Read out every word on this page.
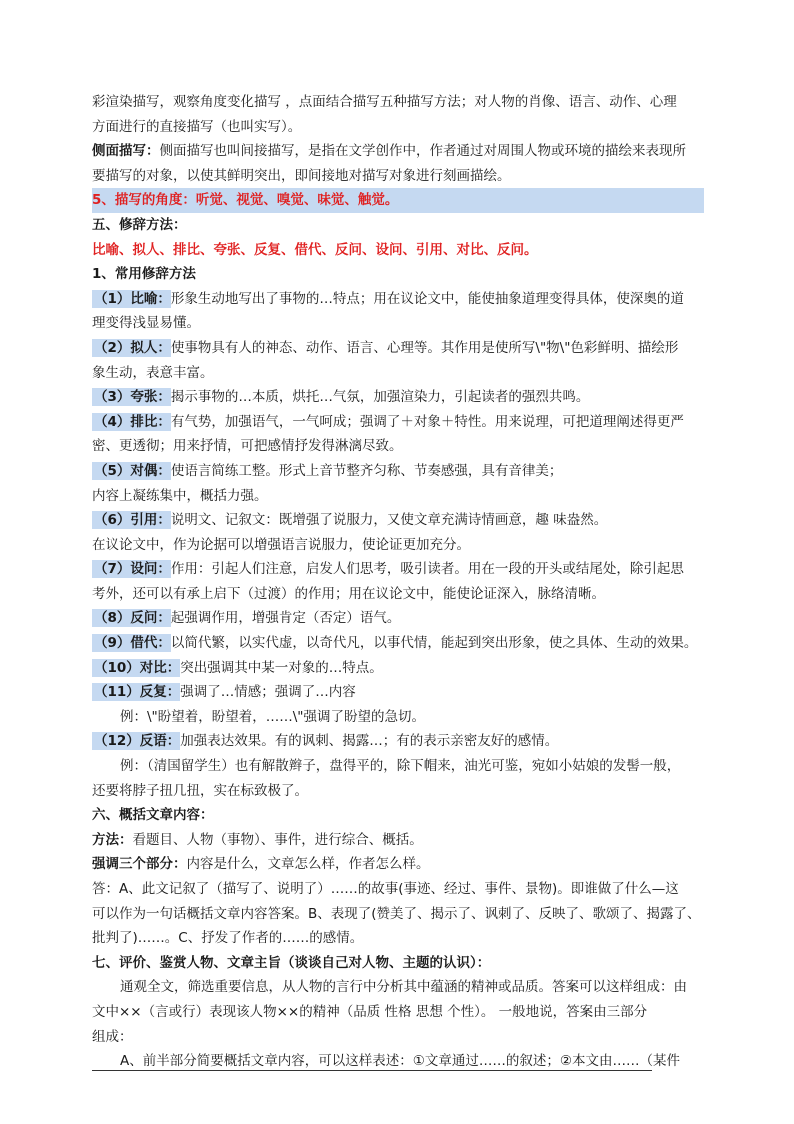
彩渲染描写，观察角度变化描写 ，点面结合描写五种描写方法；对人物的肖像、语言、动作、心理
方面进行的直接描写（也叫实写）。
侧面描写：侧面描写也叫间接描写，是指在文学创作中，作者通过对周围人物或环境的描绘来表现所
要描写的对象，以使其鲜明突出，即间接地对描写对象进行刻画描绘。
5、描写的角度：听觉、视觉、嗅觉、味觉、触觉。
五、修辞方法：
比喻、拟人、排比、夸张、反复、借代、反问、设问、引用、对比、反问。
1、常用修辞方法
（1）比喻：形象生动地写出了事物的…特点；用在议论文中，能使抽象道理变得具体，使深奥的道
理变得浅显易懂。
（2）拟人：使事物具有人的神态、动作、语言、心理等。其作用是使所写\"物\"色彩鲜明、描绘形
象生动，表意丰富。
（3）夸张：揭示事物的…本质，烘托…气氛，加强渲染力，引起读者的强烈共鸣。
（4）排比：有气势，加强语气，一气呵成；强调了＋对象＋特性。用来说理，可把道理阐述得更严
密、更透彻；用来抒情，可把感情抒发得淋漓尽致。
（5）对偶：使语言简练工整。形式上音节整齐匀称、节奏感强，具有音律美；
内容上凝练集中，概括力强。
（6）引用：说明文、记叙文：既增强了说服力，又使文章充满诗情画意，趣 味盎然。
在议论文中，作为论据可以增强语言说服力，使论证更加充分。
（7）设问：作用：引起人们注意，启发人们思考，吸引读者。用在一段的开头或结尾处，除引起思
考外，还可以有承上启下（过渡）的作用；用在议论文中，能使论证深入，脉络清晰。
（8）反问：起强调作用，增强肯定（否定）语气。
（9）借代：以简代繁，以实代虚，以奇代凡，以事代情，能起到突出形象，使之具体、生动的效果。
（10）对比：突出强调其中某一对象的…特点。
（11）反复：强调了…情感；强调了…内容
例：\"盼望着，盼望着，……\"强调了盼望的急切。
（12）反语：加强表达效果。有的讽刺、揭露…；有的表示亲密友好的感情。
例：（清国留学生）也有解散辫子，盘得平的，除下帽来，油光可鉴，宛如小姑娘的发髻一般，
还要将脖子扭几扭，实在标致极了。
六、概括文章内容：
方法：看题目、人物（事物）、事件，进行综合、概括。
强调三个部分：内容是什么，文章怎么样，作者怎么样。
答：A、此文记叙了（描写了、说明了）……的故事(事迹、经过、事件、景物)。即谁做了什么—这
可以作为一句话概括文章内容答案。B、表现了(赞美了、揭示了、讽刺了、反映了、歌颂了、揭露了、
批判了)……。C、抒发了作者的……的感情。
七、评价、鉴赏人物、文章主旨（谈谈自己对人物、主题的认识）：
通观全文，筛选重要信息，从人物的言行中分析其中蕴涵的精神或品质。答案可以这样组成：由
文中××（言或行）表现该人物××的精神（品质 性格 思想 个性）。 一般地说，答案由三部分
组成：
A、前半部分简要概括文章内容，可以这样表述：①文章通过……的叙述；②本文由……（某件
